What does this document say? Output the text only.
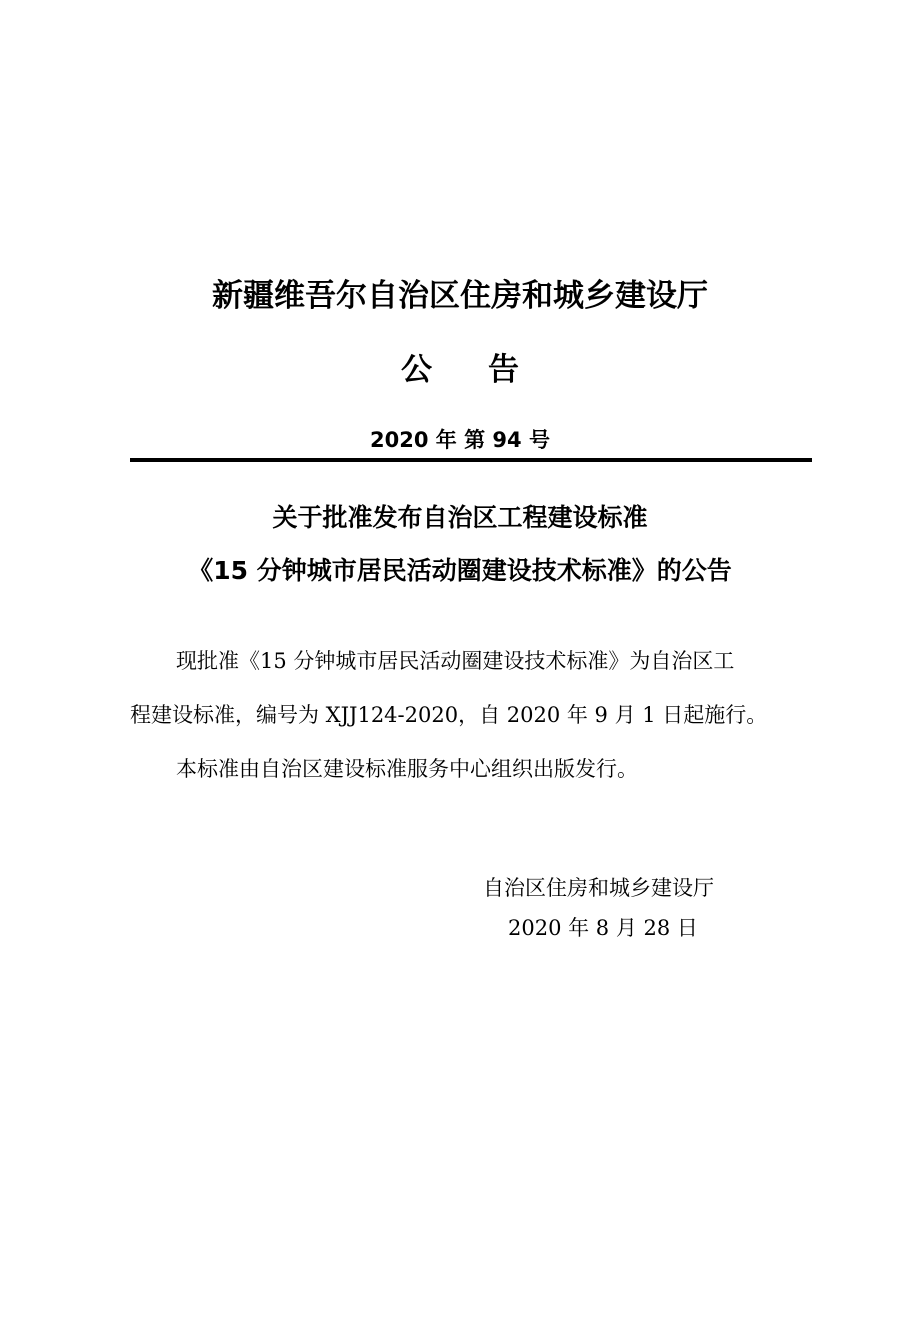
新疆维吾尔自治区住房和城乡建设厅
公告
2020 年 第 94 号
关于批准发布自治区工程建设标准
《15 分钟城市居民活动圈建设技术标准》的公告
现批准《15 分钟城市居民活动圈建设技术标准》为自治区工
程建设标准，编号为 XJJ124-2020，自 2020 年 9 月 1 日起施行。
本标准由自治区建设标准服务中心组织出版发行。
自治区住房和城乡建设厅
2020 年 8 月 28 日
